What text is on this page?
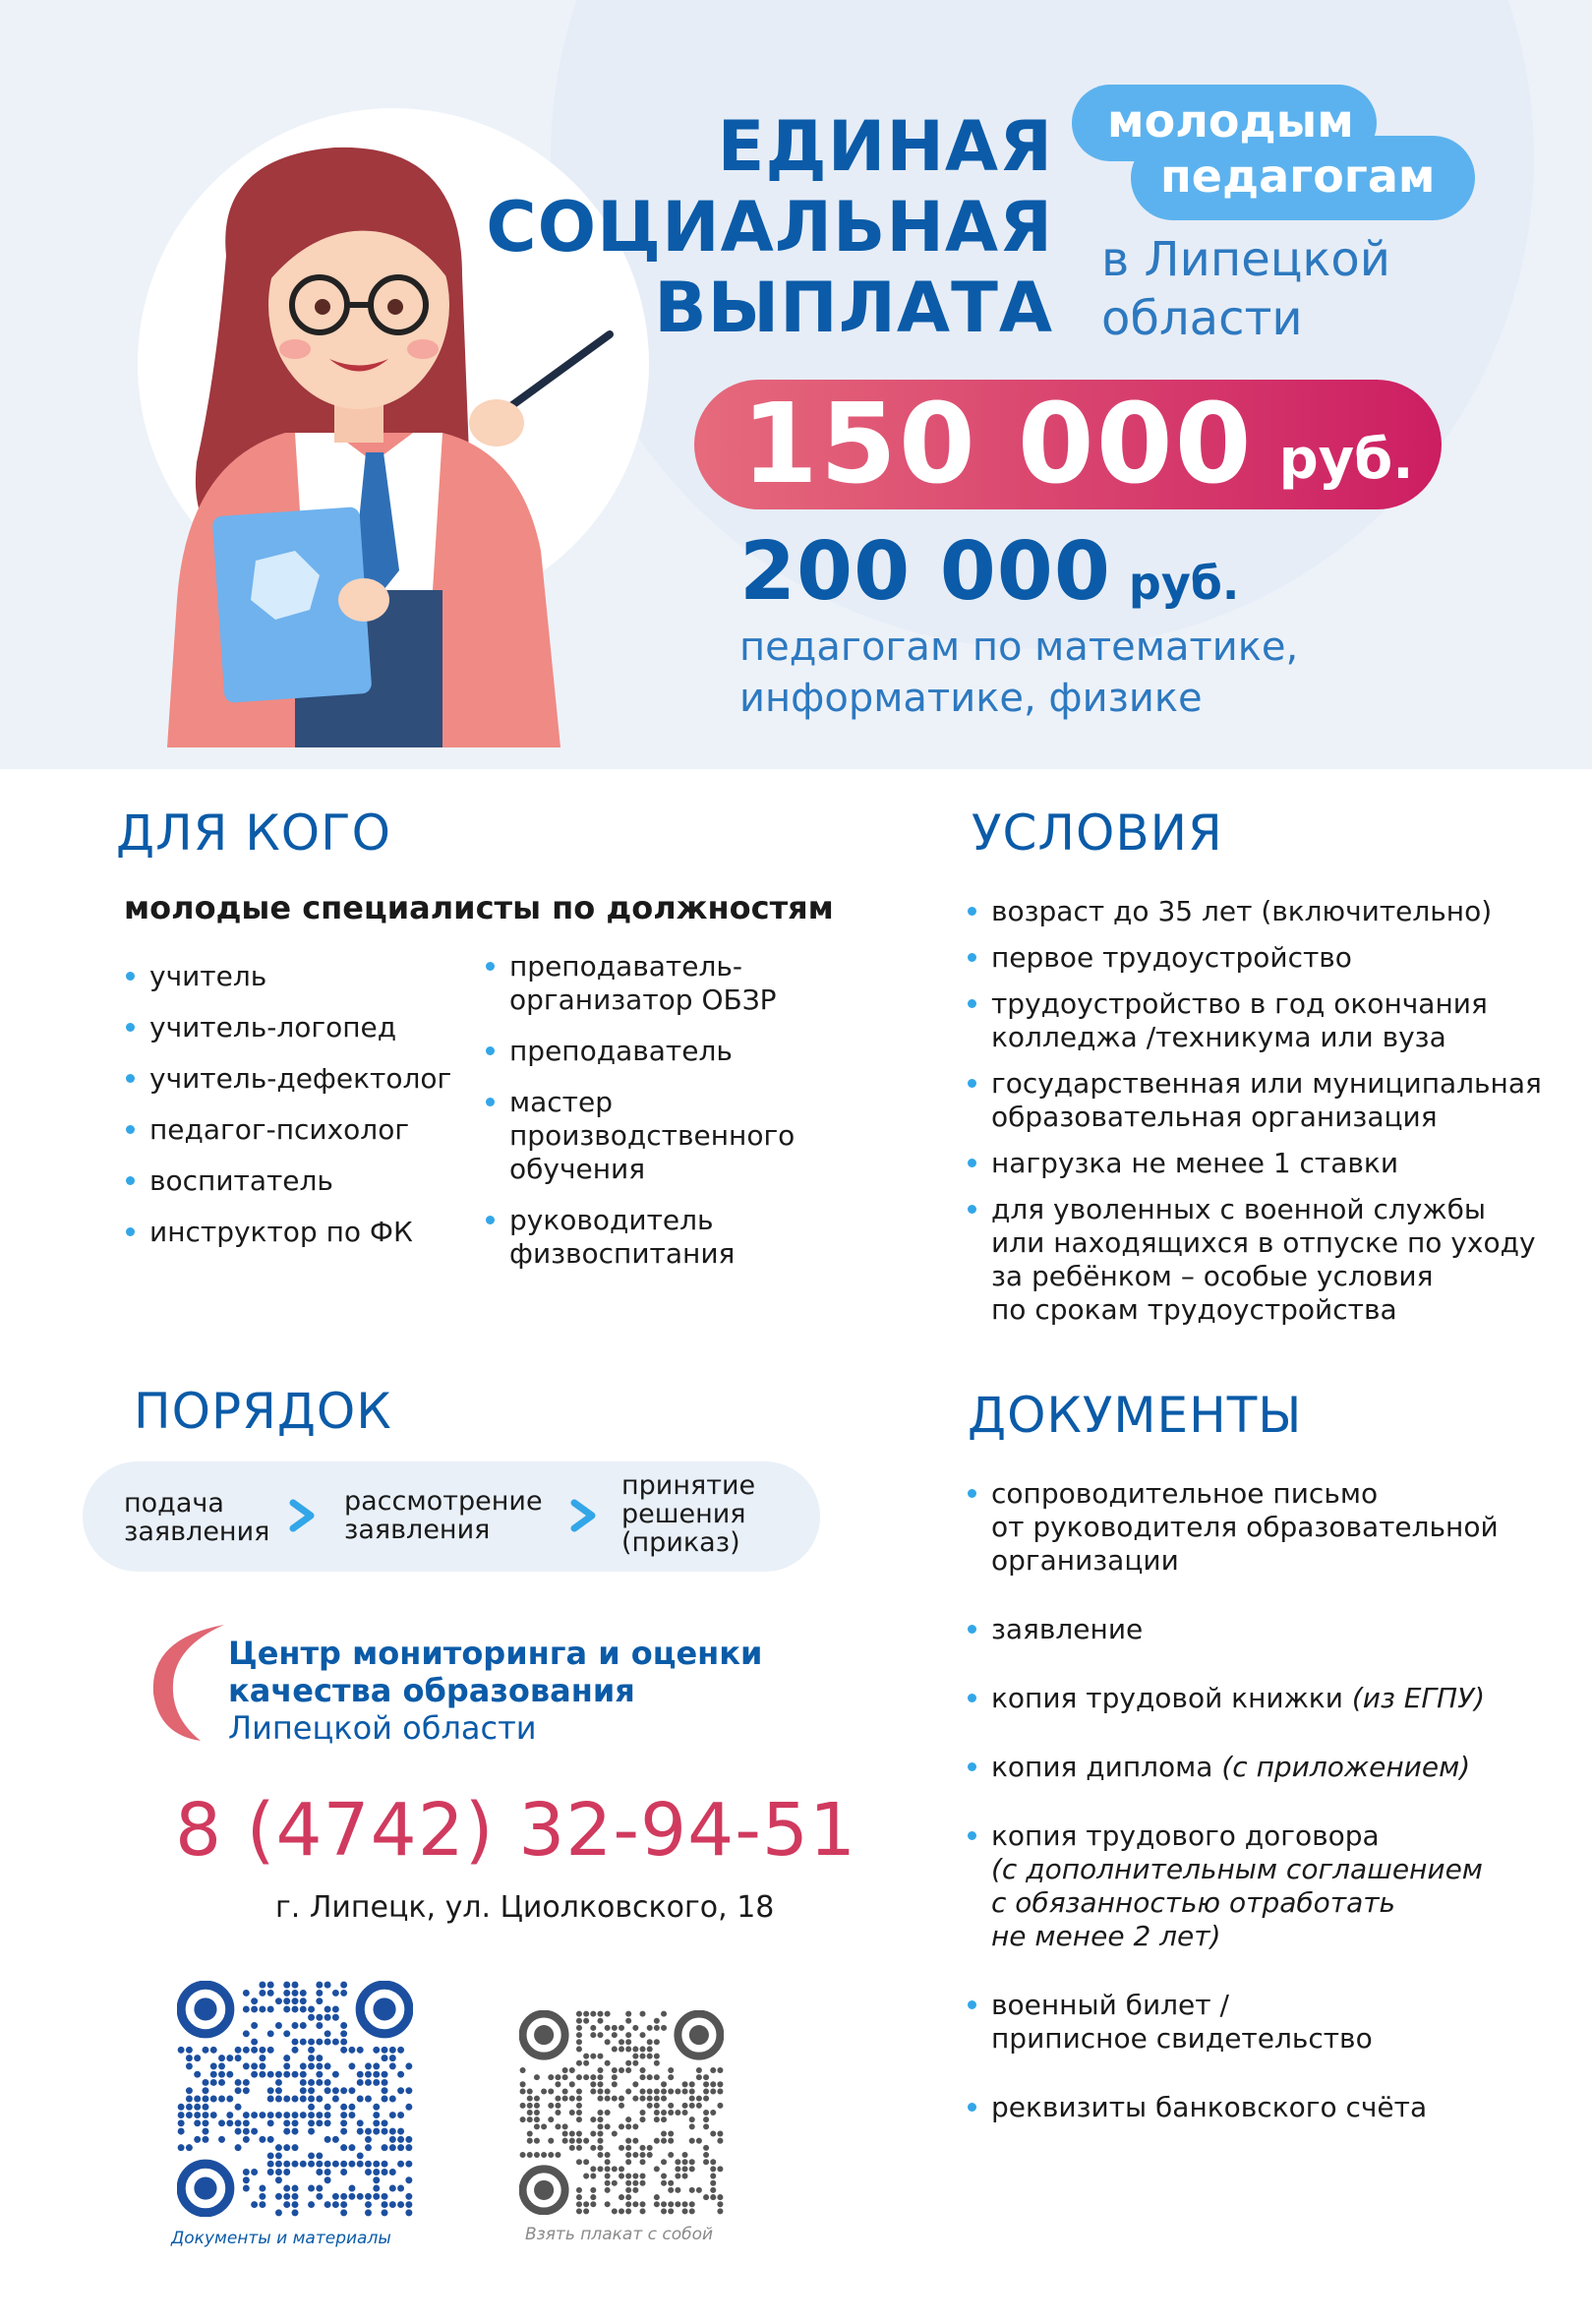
ЕДИНАЯ
СОЦИАЛЬНАЯ
ВЫПЛАТА
молодым
педагогам
в Липецкой
области
150 000 руб.
200 000 руб.
педагогам по математике,
информатике, физике
ДЛЯ КОГО
молодые специалисты по должностям
учитель
учитель-логопед
учитель-дефектолог
педагог-психолог
воспитатель
инструктор по ФК
преподаватель-
организатор ОБЗР
преподаватель
мастер
производственного
обучения
руководитель
физвоспитания
УСЛОВИЯ
возраст до 35 лет (включительно)
первое трудоустройство
трудоустройство в год окончания
колледжа /техникума или вуза
государственная или муниципальная
образовательная организация
нагрузка не менее 1 ставки
для уволенных с военной службы
или находящихся в отпуске по уходу
за ребёнком – особые условия
по срокам трудоустройства
ПОРЯДОК
подача
заявления
рассмотрение
заявления
принятие
решения
(приказ)
ДОКУМЕНТЫ
сопроводительное письмо
от руководителя образовательной
организации
заявление
копия трудовой книжки (из ЕГПУ)
копия диплома (с приложением)
копия трудового договора
(с дополнительным соглашением
с обязанностью отработать
не менее 2 лет)
военный билет /
приписное свидетельство
реквизиты банковского счёта
Центр мониторинга и оценки
качества образования
Липецкой области
8 (4742) 32-94-51
г. Липецк, ул. Циолковского, 18
Документы и материалы	Взять плакат с собой
